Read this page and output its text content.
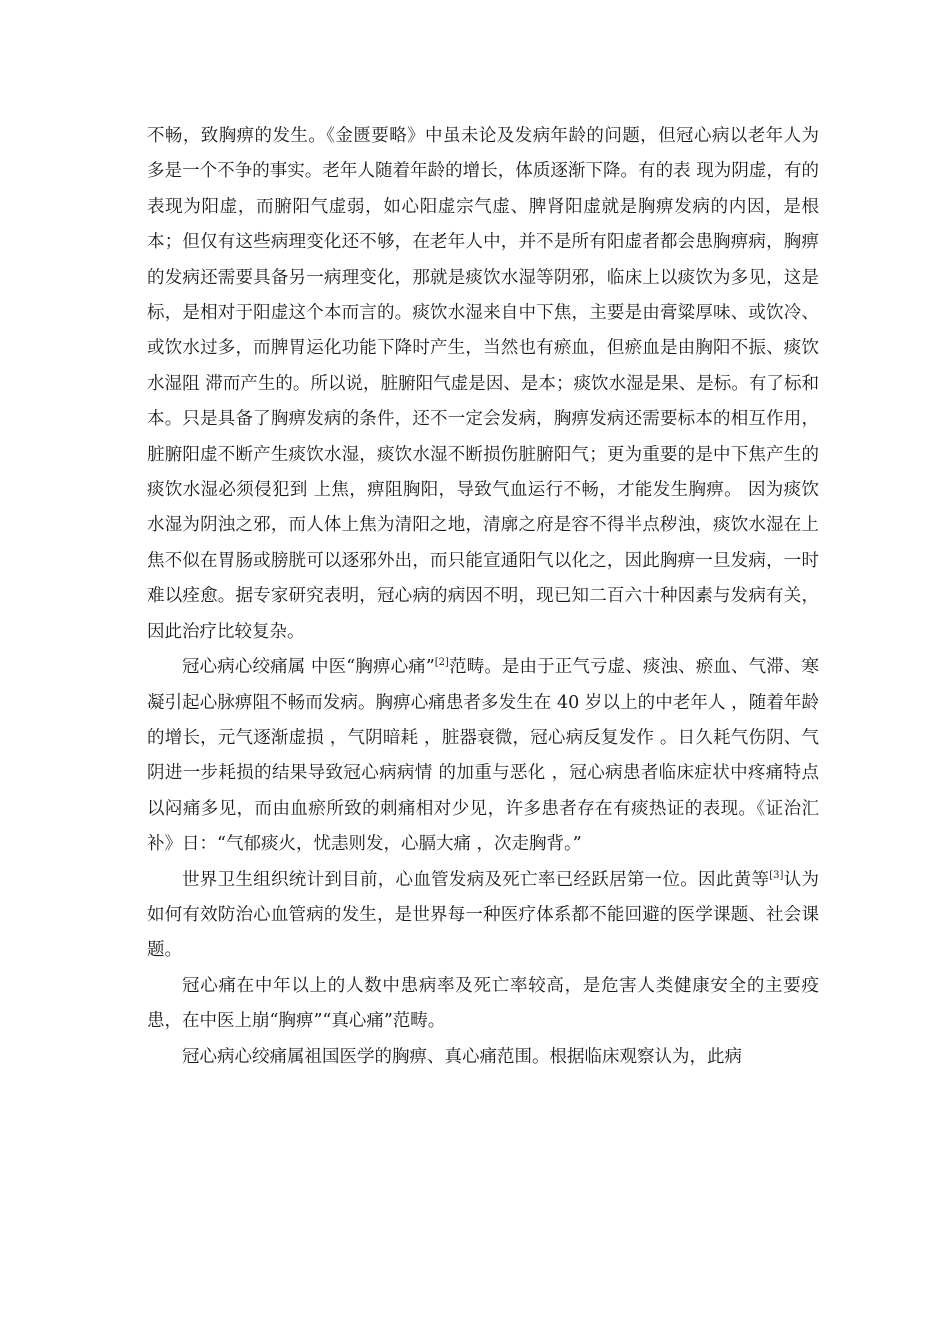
不畅，致胸痹的发生。《金匮要略》中虽未论及发病年龄的问题，但冠心病以老年人为多是一个不争的事实。老年人随着年龄的增长，体质逐渐下降。有的表 现为阴虚，有的表现为阳虚，而腑阳气虚弱，如心阳虚宗气虚、脾肾阳虚就是胸痹发病的内因，是根本；但仅有这些病理变化还不够，在老年人中，并不是所有阳虚者都会患胸痹病，胸痹的发病还需要具备另一病理变化，那就是痰饮水湿等阴邪，临床上以痰饮为多见，这是 标，是相对于阳虚这个本而言的。痰饮水湿来自中下焦，主要是由膏粱厚味、或饮冷、或饮水过多，而脾胃运化功能下降时产生，当然也有瘀血，但瘀血是由胸阳不振、痰饮水湿阻 滞而产生的。所以说，脏腑阳气虚是因、是本；痰饮水湿是果、是标。有了标和本。只是具备了胸痹发病的条件，还不一定会发病，胸痹发病还需要标本的相互作用， 脏腑阳虚不断产生痰饮水湿，痰饮水湿不断损伤脏腑阳气；更为重要的是中下焦产生的痰饮水湿必须侵犯到 上焦，痹阻胸阳，导致气血运行不畅，才能发生胸痹。 因为痰饮水湿为阴浊之邪，而人体上焦为清阳之地，清廓之府是容不得半点秽浊，痰饮水湿在上焦不似在胃肠或膀胱可以逐邪外出，而只能宣通阳气以化之，因此胸痹一旦发病，一时难以痊愈。据专家研究表明，冠心病的病因不明，现已知二百六十种因素与发病有关，因此治疗比较复杂。

冠心病心绞痛属 中医“胸痹心痛”[2]范畴。是由于正气亏虚、痰浊、瘀血、气滞、寒凝引起心脉痹阻不畅而发病。胸痹心痛患者多发生在 40 岁以上的中老年人 ，随着年龄的增长，元气逐渐虚损 ，气阴暗耗 ，脏器衰微，冠心病反复发作 。日久耗气伤阴、气阴进一步耗损的结果导致冠心病病情 的加重与恶化 ，冠心病患者临床症状中疼痛特点以闷痛多见，而由血瘀所致的刺痛相对少见，许多患者存在有痰热证的表现。《证治汇补》日：“气郁痰火，忧恚则发，心膈大痛 ，次走胸背。”

世界卫生组织统计到目前，心血管发病及死亡率已经跃居第一位。因此黄等[3]认为如何有效防治心血管病的发生，是世界每一种医疗体系都不能回避的医学课题、社会课题。

冠心痛在中年以上的人数中患病率及死亡率较高，是危害人类健康安全的主要疫患，在中医上崩“胸痹”“真心痛”范畴。

冠心病心绞痛属祖国医学的胸痹、真心痛范围。根据临床观察认为，此病
